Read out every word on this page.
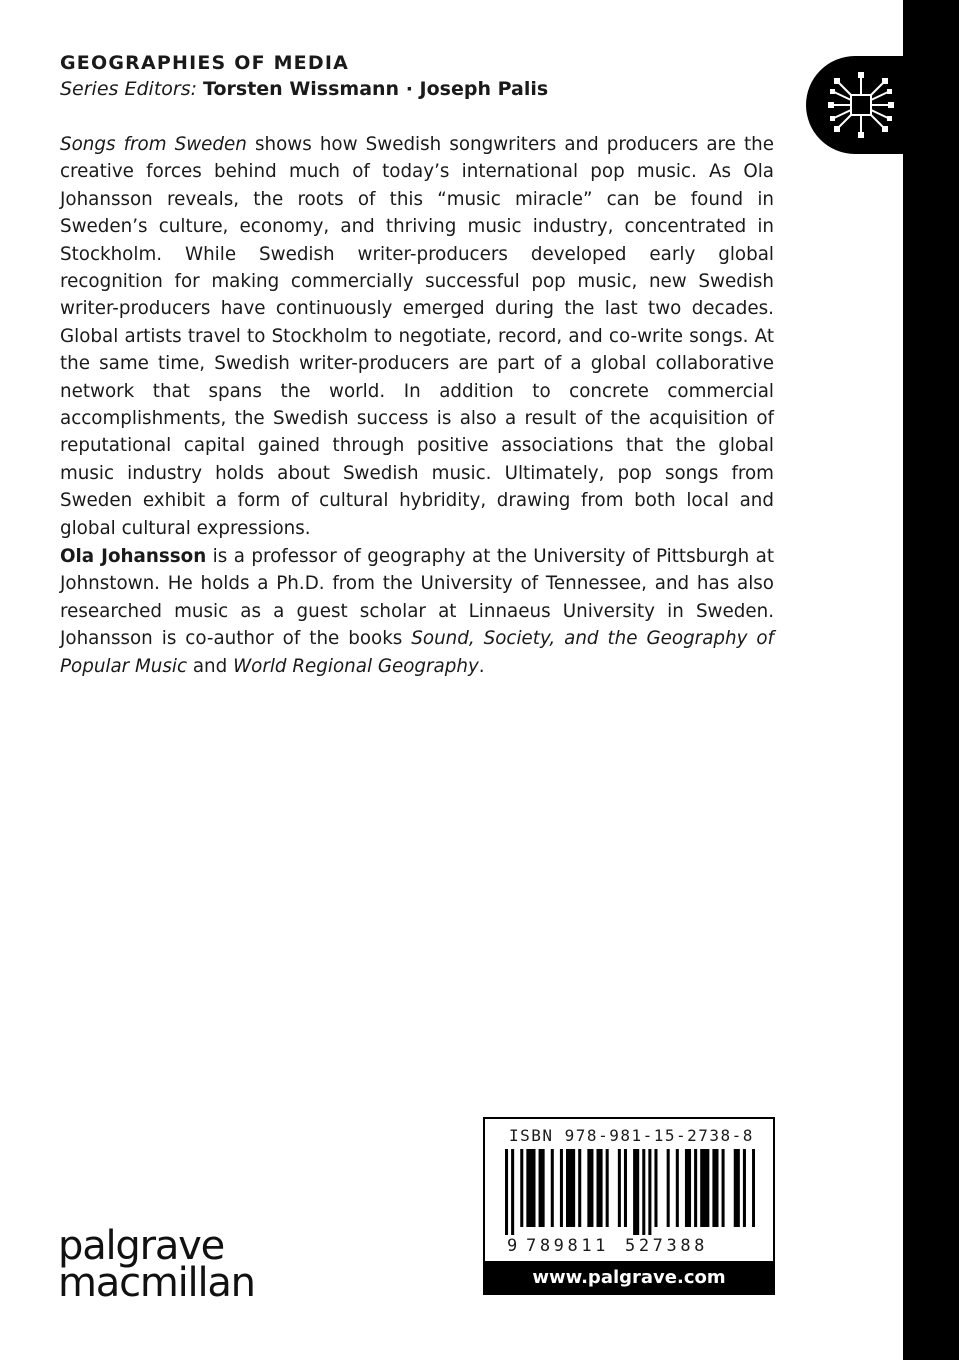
GEOGRAPHIES OF MEDIA

Series Editors: Torsten Wissmann · Joseph Palis

Songs from Sweden shows how Swedish songwriters and producers are the creative forces behind much of today’s international pop music. As Ola Johansson reveals, the roots of this “music miracle” can be found in Sweden’s culture, economy, and thriving music industry, concentrated in Stockholm. While Swedish writer-producers developed early global recognition for making commercially successful pop music, new Swedish writer-producers have continuously emerged during the last two decades. Global artists travel to Stockholm to negotiate, record, and co-write songs. At the same time, Swedish writer-producers are part of a global collaborative network that spans the world. In addition to concrete commercial accomplishments, the Swedish success is also a result of the acquisition of reputational capital gained through positive associations that the global music industry holds about Swedish music. Ultimately, pop songs from Sweden exhibit a form of cultural hybridity, drawing from both local and global cultural expressions.

Ola Johansson is a professor of geography at the University of Pittsburgh at Johnstown. He holds a Ph.D. from the University of Tennessee, and has also researched music as a guest scholar at Linnaeus University in Sweden. Johansson is co-author of the books Sound, Society, and the Geography of Popular Music and World Regional Geography.

palgrave
macmillan
ISBN 978-981-15-2738-8
9 789811 527388
www.palgrave.com
